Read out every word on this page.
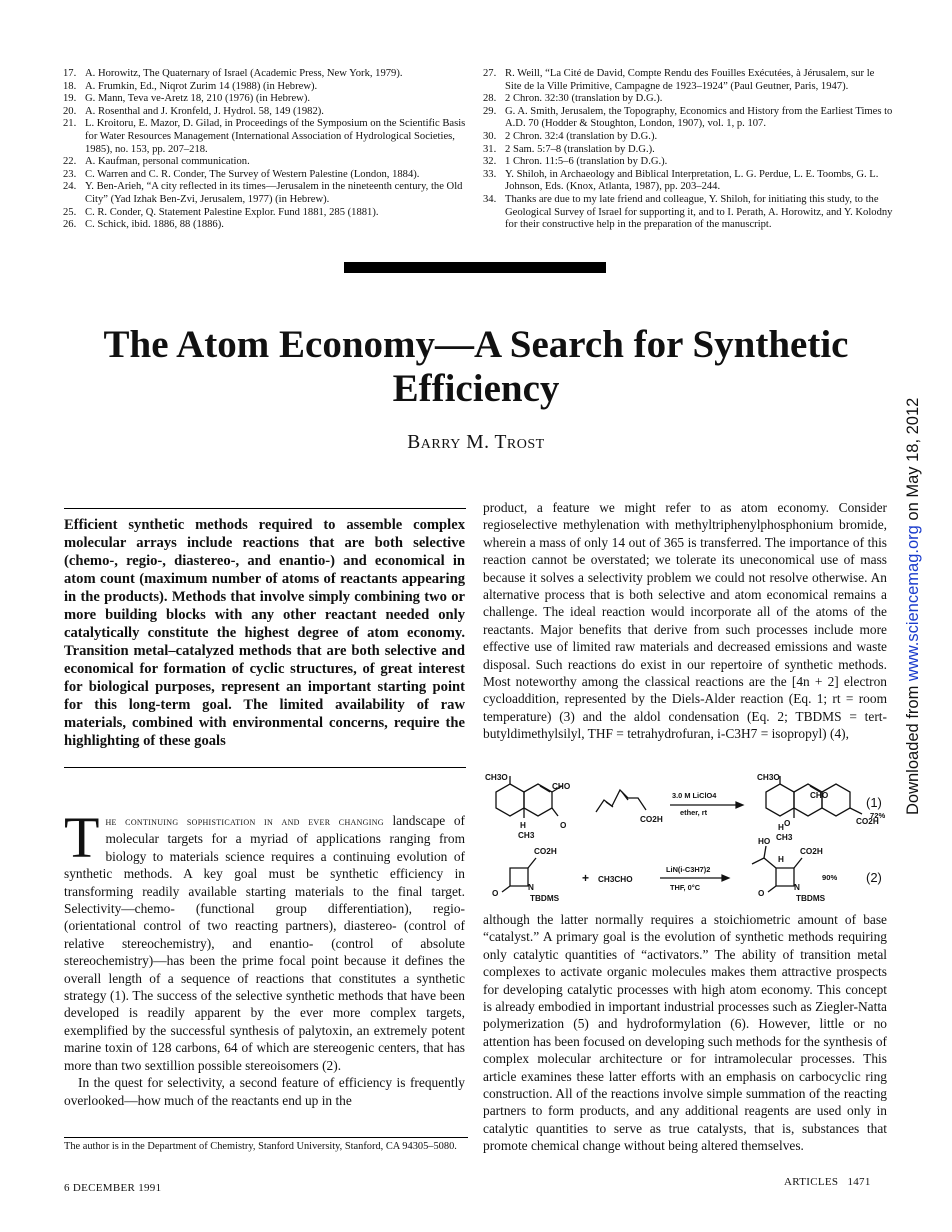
17. A. Horowitz, The Quaternary of Israel (Academic Press, New York, 1979).
18. A. Frumkin, Ed., Niqrot Zurim 14 (1988) (in Hebrew).
19. G. Mann, Teva ve-Aretz 18, 210 (1976) (in Hebrew).
20. A. Rosenthal and J. Kronfeld, J. Hydrol. 58, 149 (1982).
21. L. Kroitoru, E. Mazor, D. Gilad, in Proceedings of the Symposium on the Scientific Basis for Water Resources Management (International Association of Hydrological Societies, 1985), no. 153, pp. 207–218.
22. A. Kaufman, personal communication.
23. C. Warren and C. R. Conder, The Survey of Western Palestine (London, 1884).
24. Y. Ben-Arieh, “A city reflected in its times—Jerusalem in the nineteenth century, the Old City” (Yad Izhak Ben-Zvi, Jerusalem, 1977) (in Hebrew).
25. C. R. Conder, Q. Statement Palestine Explor. Fund 1881, 285 (1881).
26. C. Schick, ibid. 1886, 88 (1886).
27. R. Weill, “La Cité de David, Compte Rendu des Fouilles Exécutées, à Jérusalem, sur le Site de la Ville Primitive, Campagne de 1923–1924” (Paul Geutner, Paris, 1947).
28. 2 Chron. 32:30 (translation by D.G.).
29. G. A. Smith, Jerusalem, the Topography, Economics and History from the Earliest Times to A.D. 70 (Hodder & Stoughton, London, 1907), vol. 1, p. 107.
30. 2 Chron. 32:4 (translation by D.G.).
31. 2 Sam. 5:7–8 (translation by D.G.).
32. 1 Chron. 11:5–6 (translation by D.G.).
33. Y. Shiloh, in Archaeology and Biblical Interpretation, L. G. Perdue, L. E. Toombs, G. L. Johnson, Eds. (Knox, Atlanta, 1987), pp. 203–244.
34. Thanks are due to my late friend and colleague, Y. Shiloh, for initiating this study, to the Geological Survey of Israel for supporting it, and to I. Perath, A. Horowitz, and Y. Kolodny for their constructive help in the preparation of the manuscript.
The Atom Economy—A Search for Synthetic Efficiency
Barry M. Trost
Efficient synthetic methods required to assemble complex molecular arrays include reactions that are both selective (chemo-, regio-, diastereo-, and enantio-) and economical in atom count (maximum number of atoms of reactants appearing in the products). Methods that involve simply combining two or more building blocks with any other reactant needed only catalytically constitute the highest degree of atom economy. Transition metal–catalyzed methods that are both selective and economical for formation of cyclic structures, of great interest for biological purposes, represent an important starting point for this long-term goal. The limited availability of raw materials, combined with environmental concerns, require the highlighting of these goals

The continuing sophistication in and ever changing landscape of molecular targets for a myriad of applications ranging from biology to materials science requires a continuing evolution of synthetic methods. A key goal must be synthetic efficiency in transforming readily available starting materials to the final target. Selectivity—chemo- (functional group differentiation), regio- (orientational control of two reacting partners), diastereo- (control of relative stereochemistry), and enantio- (control of absolute stereochemistry)—has been the prime focal point because it defines the overall length of a sequence of reactions that constitutes a synthetic strategy (1). The success of the selective synthetic methods that have been developed is readily apparent by the ever more complex targets, exemplified by the successful synthesis of palytoxin, an extremely potent marine toxin of 128 carbons, 64 of which are stereogenic centers, that has more than two sextillion possible stereoisomers (2).

In the quest for selectivity, a second feature of efficiency is frequently overlooked—how much of the reactants end up in the

product, a feature we might refer to as atom economy. Consider regioselective methylenation with methyltriphenylphosphonium bromide, wherein a mass of only 14 out of 365 is transferred. The importance of this reaction cannot be overstated; we tolerate its uneconomical use of mass because it solves a selectivity problem we could not resolve otherwise. An alternative process that is both selective and atom economical remains a challenge. The ideal reaction would incorporate all of the atoms of the reactants. Major benefits that derive from such processes include more effective use of limited raw materials and decreased emissions and waste disposal. Such reactions do exist in our repertoire of synthetic methods. Most noteworthy among the classical reactions are the [4n + 2] electron cycloaddition, represented by the Diels-Alder reaction (Eq. 1; rt = room temperature) (3) and the aldol condensation (Eq. 2; TBDMS = tert-butyldimethylsilyl, THF = tetrahydrofuran, i-C3H7 = isopropyl) (4),

CH3O
CHO
O
H
CH3
CO2H
3.0 M LiClO4
ether, rt
CH3O
CHO
CO2H
H
CH3
O
72%
(1)
CO2H
O
N
TBDMS
+ CH3CHO
LiN(i-C3H7)2
THF, 0°C
HO
H
CO2H
O
N
TBDMS
90% (2)

although the latter normally requires a stoichiometric amount of base “catalyst.” A primary goal is the evolution of synthetic methods requiring only catalytic quantities of “activators.” The ability of transition metal complexes to activate organic molecules makes them attractive prospects for developing catalytic processes with high atom economy. This concept is already embodied in important industrial processes such as Ziegler-Natta polymerization (5) and hydroformylation (6). However, little or no attention has been focused on developing such methods for the synthesis of complex molecular architecture or for intramolecular processes. This article examines these latter efforts with an emphasis on carbocyclic ring construction. All of the reactions involve simple summation of the reacting partners to form products, and any additional reagents are used only in catalytic quantities to serve as true catalysts, that is, substances that promote chemical change without being altered themselves.

The author is in the Department of Chemistry, Stanford University, Stanford, CA 94305–5080.
6 DECEMBER 1991	ARTICLES 1471
Downloaded from www.sciencemag.org on May 18, 2012
